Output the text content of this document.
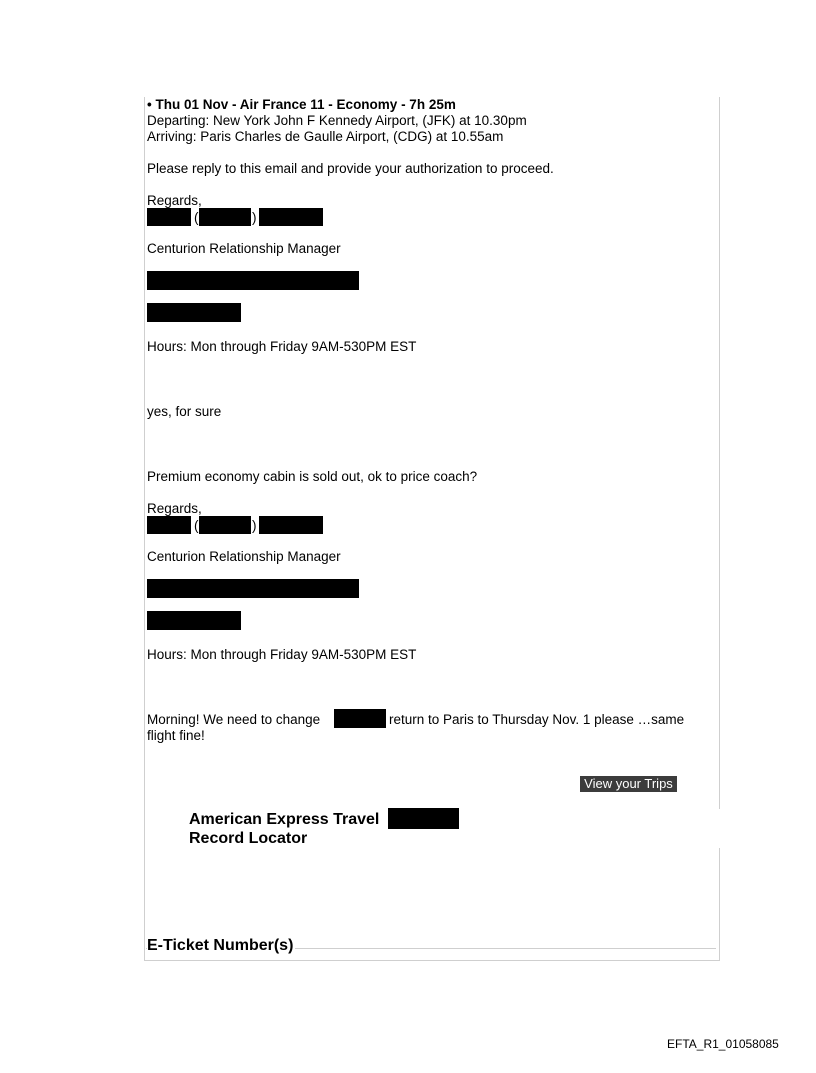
• Thu 01 Nov - Air France 11 - Economy - 7h 25m
Departing: New York John F Kennedy Airport, (JFK) at 10.30pm
Arriving: Paris Charles de Gaulle Airport, (CDG) at 10.55am
Please reply to this email and provide your authorization to proceed.
Regards,
(	)
Centurion Relationship Manager
Hours: Mon through Friday 9AM-530PM EST
yes, for sure
Premium economy cabin is sold out, ok to price coach?
Regards,
(	)
Centurion Relationship Manager
Hours: Mon through Friday 9AM-530PM EST
Morning! We need to change	return to Paris to Thursday Nov. 1 please …same
flight fine!
View your Trips
American Express Travel
Record Locator
E-Ticket Number(s)
EFTA_R1_01058085
